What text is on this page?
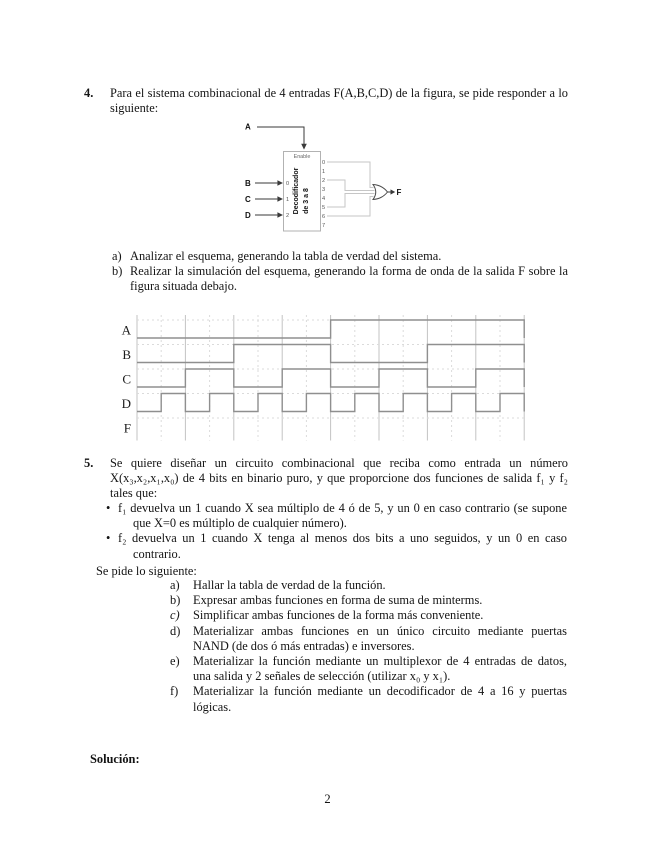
4. Para el sistema combinacional de 4 entradas F(A,B,C,D) de la figura, se pide responder a lo siguiente:
A
B
C
D
Enable
Decodificador de 3 a 8
0
1
2
0
1
2
3
4
5
6
7
F
a) Analizar el esquema, generando la tabla de verdad del sistema.
b) Realizar la simulación del esquema, generando la forma de onda de la salida F sobre la figura situada debajo.
A
B
C
D
F
5. Se quiere diseñar un circuito combinacional que reciba como entrada un número X(x₃,x₂,x₁,x₀) de 4 bits en binario puro, y que proporcione dos funciones de salida f₁ y f₂ tales que:
• f₁ devuelva un 1 cuando X sea múltiplo de 4 ó de 5, y un 0 en caso contrario (se supone que X=0 es múltiplo de cualquier número).
• f₂ devuelva un 1 cuando X tenga al menos dos bits a uno seguidos, y un 0 en caso contrario.
Se pide lo siguiente:
a) Hallar la tabla de verdad de la función.
b) Expresar ambas funciones en forma de suma de minterms.
c) Simplificar ambas funciones de la forma más conveniente.
d) Materializar ambas funciones en un único circuito mediante puertas NAND (de dos ó más entradas) e inversores.
e) Materializar la función mediante un multiplexor de 4 entradas de datos, una salida y 2 señales de selección (utilizar x₀ y x₁).
f) Materializar la función mediante un decodificador de 4 a 16 y puertas lógicas.
Solución:
2
